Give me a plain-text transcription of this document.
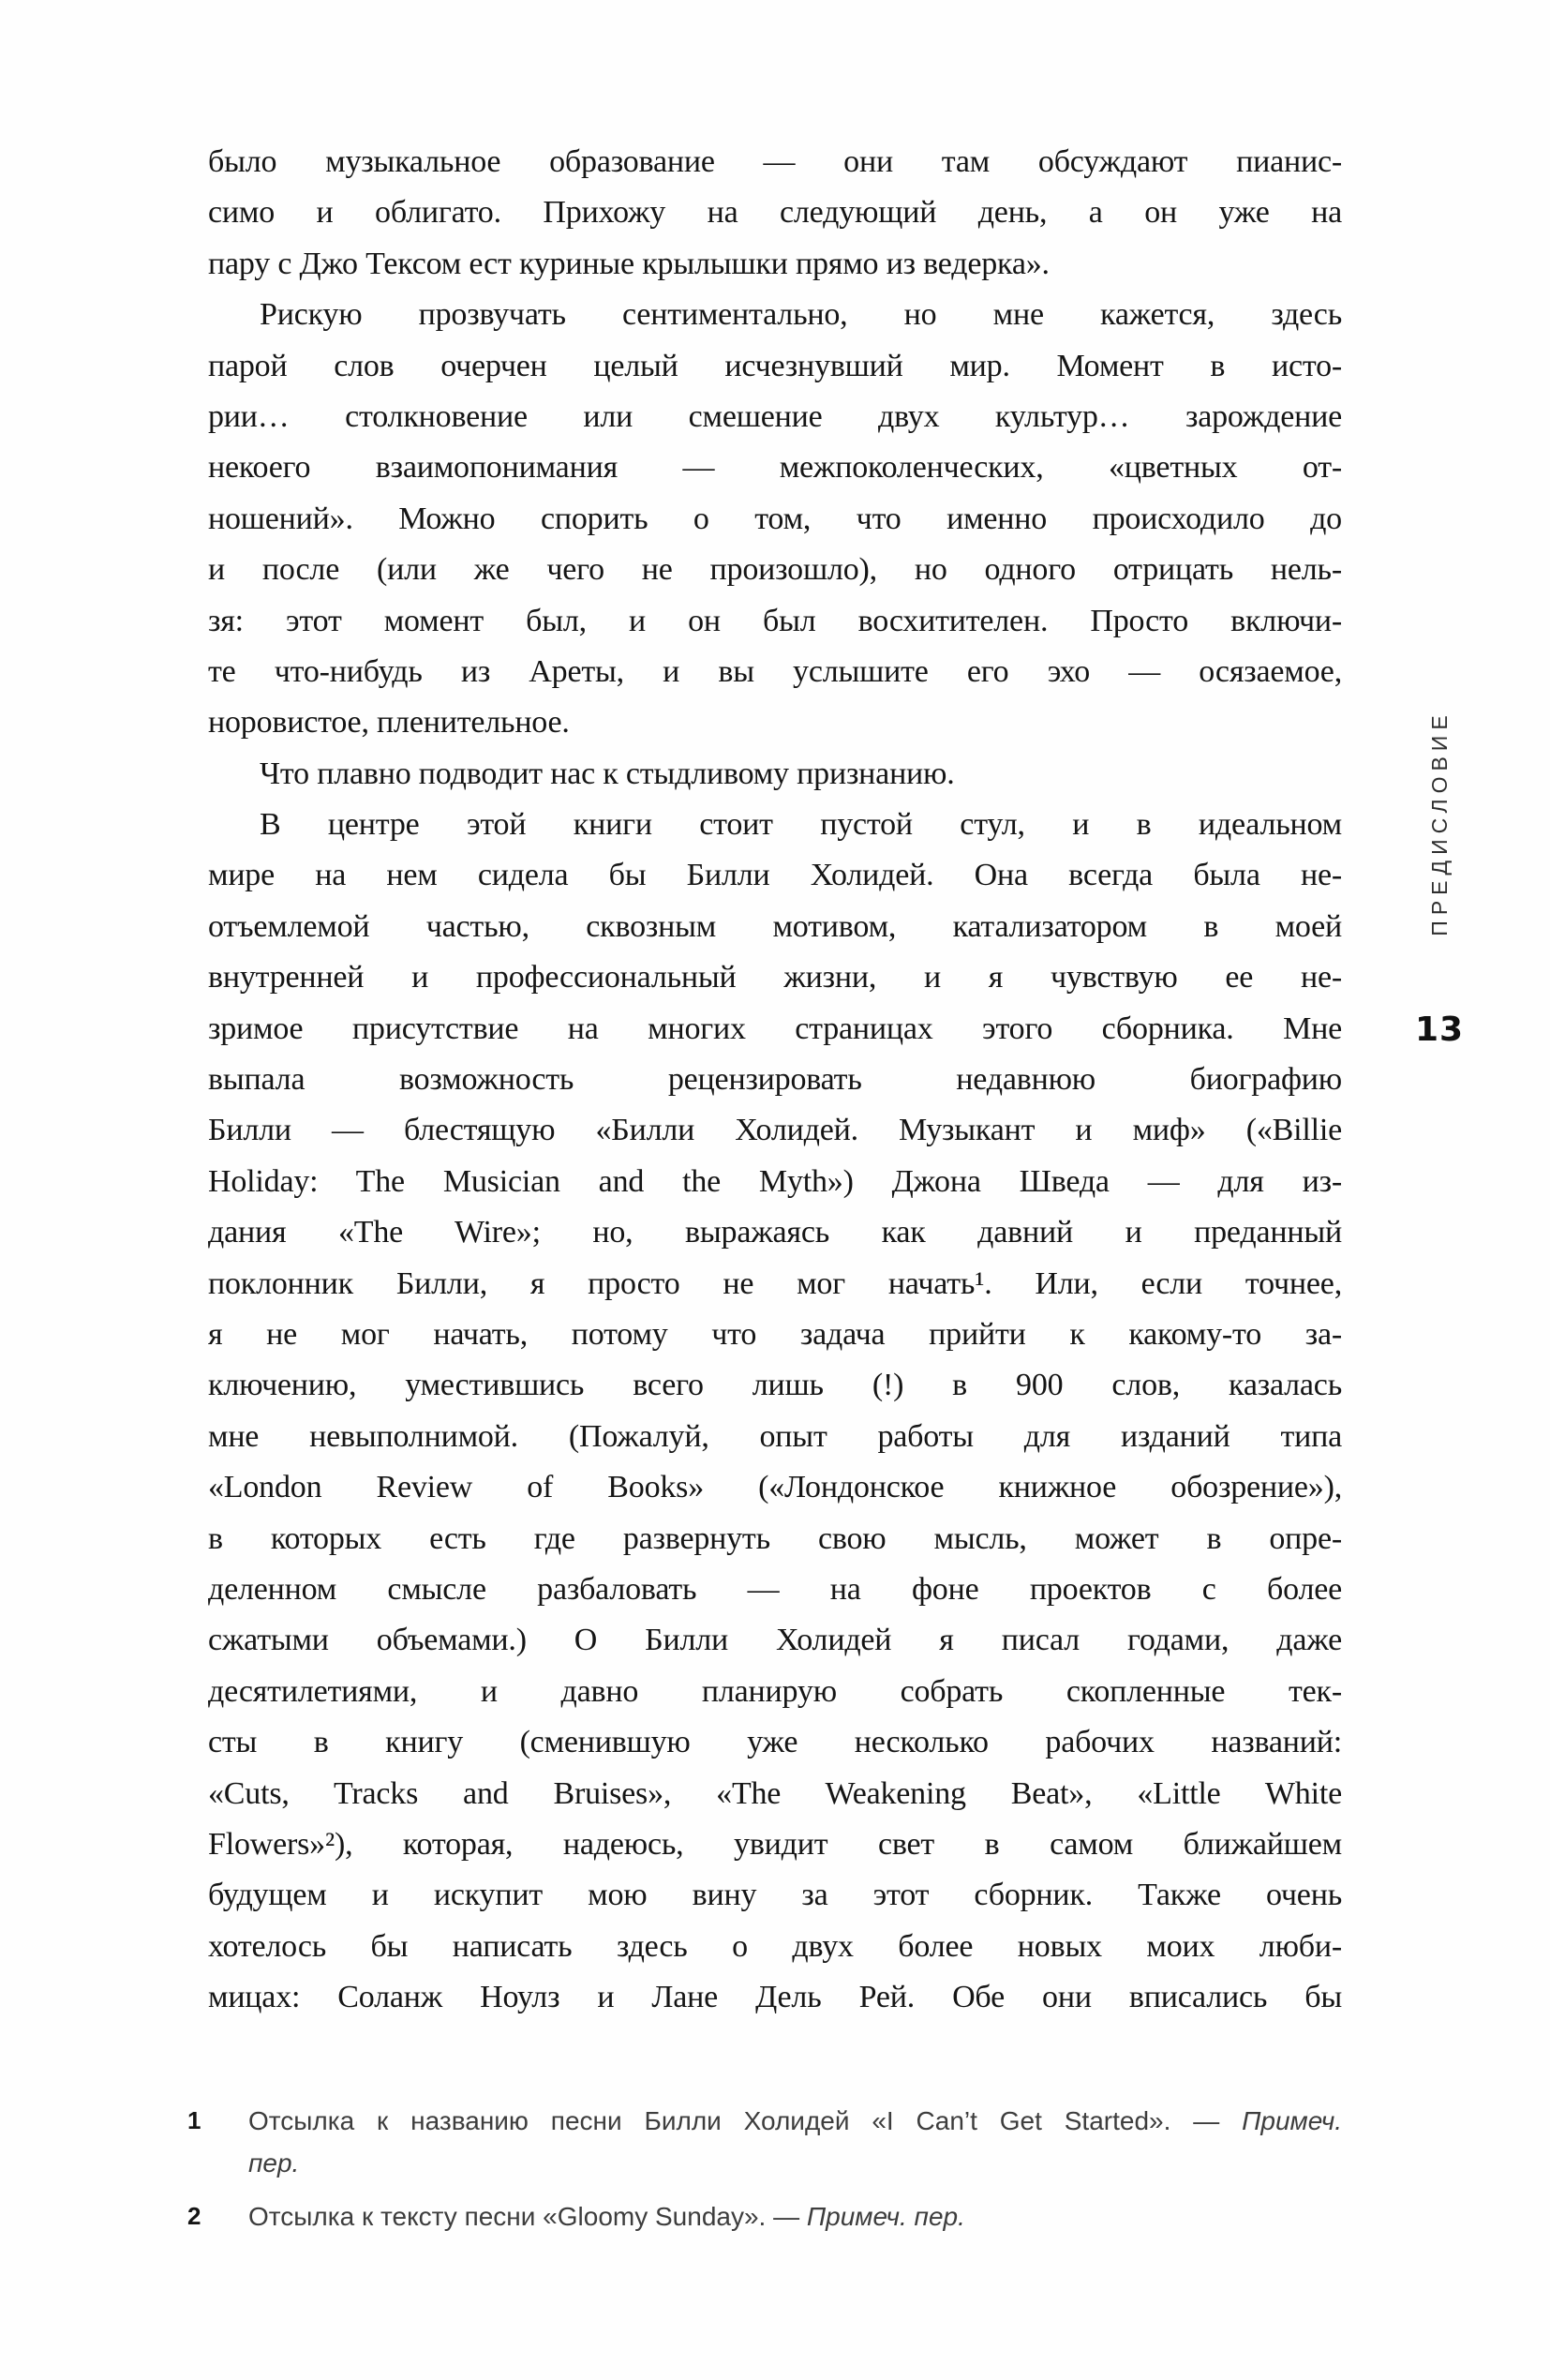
было музыкальное образование — они там обсуждают пианис-
симо и облигато. Прихожу на следующий день, а он уже на
пару с Джо Тексом ест куриные крылышки прямо из ведерка».
Рискую прозвучать сентиментально, но мне кажется, здесь
парой слов очерчен целый исчезнувший мир. Момент в исто-
рии… столкновение или смешение двух культур… зарождение
некоего взаимопонимания — межпоколенческих, «цветных от-
ношений». Можно спорить о том, что именно происходило до
и после (или же чего не произошло), но одного отрицать нель-
зя: этот момент был, и он был восхитителен. Просто включи-
те что-нибудь из Ареты, и вы услышите его эхо — осязаемое,
норовистое, пленительное.
Что плавно подводит нас к стыдливому признанию.
В центре этой книги стоит пустой стул, и в идеальном
мире на нем сидела бы Билли Холидей. Она всегда была не-
отъемлемой частью, сквозным мотивом, катализатором в моей
внутренней и профессиональный жизни, и я чувствую ее не-
зримое присутствие на многих страницах этого сборника. Мне
выпала возможность рецензировать недавнюю биографию
Билли — блестящую «Билли Холидей. Музыкант и миф» («Billie
Holiday: The Musician and the Myth») Джона Шведа — для из-
дания «The Wire»; но, выражаясь как давний и преданный
поклонник Билли, я просто не мог начать¹. Или, если точнее,
я не мог начать, потому что задача прийти к какому-то за-
ключению, уместившись всего лишь (!) в 900 слов, казалась
мне невыполнимой. (Пожалуй, опыт работы для изданий типа
«London Review of Books» («Лондонское книжное обозрение»),
в которых есть где развернуть свою мысль, может в опре-
деленном смысле разбаловать — на фоне проектов с более
сжатыми объемами.) О Билли Холидей я писал годами, даже
десятилетиями, и давно планирую собрать скопленные тек-
сты в книгу (сменившую уже несколько рабочих названий:
«Cuts, Tracks and Bruises», «The Weakening Beat», «Little White
Flowers»²), которая, надеюсь, увидит свет в самом ближайшем
будущем и искупит мою вину за этот сборник. Также очень
хотелось бы написать здесь о двух более новых моих люби-
мицах: Соланж Ноулз и Лане Дель Рей. Обе они вписались бы
ПРЕДИСЛОВИЕ
13
1	Отсылка к названию песни Билли Холидей «I Can’t Get Started». — Примеч.
пер.
2	Отсылка к тексту песни «Gloomy Sunday». — Примеч. пер.
